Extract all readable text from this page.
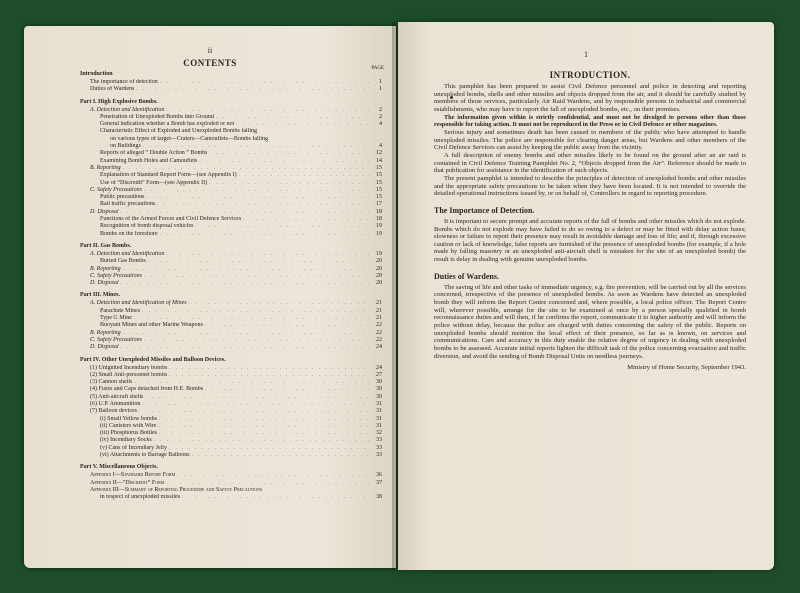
ii
CONTENTS
PAGE
Introduction
The importance of detection . . .	1
Duties of Wardens . . .	1
Part I. High Explosive Bombs.
A. Detection and Identification . . .	2
Penetration of Unexploded Bombs into Ground . . .	2
General indication whether a Bomb has exploded or not . . .	4
Characteristic Effect of Exploded and Unexploded Bombs falling
on various types of target—Craters—Camouflets—Bombs falling
on Buildings . . .	4
Reports of alleged “ Double Action ” Bombs . . .	12
Examining Bomb Holes and Camouflets . . .	14
B. Reporting . . .	15
Explanation of Standard Report Form—(see Appendix I) . . .	15
Use of “Discredit” Form—(see Appendix II) . . .	15
C. Safety Precautions . . .	15
Public precautions . . .	15
Rail traffic precautions . . .	17
D. Disposal . . .	18
Functions of the Armed Forces and Civil Defence Services . . .	18
Recognition of bomb disposal vehicles . . .	19
Bombs on the foreshore . . .	19
Part II. Gas Bombs.
A. Detection and Identification . . .	19
Buried Gas Bombs . . .	20
B. Reporting . . .	20
C. Safety Precautions . . .	20
D. Disposal . . .	20
Part III. Mines.
A. Detection and Identification of Mines . . .	21
Parachute Mines . . .	21
Type G Mine . . .	21
Buoyant Mines and other Marine Weapons . . .	22
B. Reporting . . .	22
C. Safety Precautions . . .	22
D. Disposal . . .	24
Part IV. Other Unexploded Missiles and Balloon Devices.
(1) Unignited Incendiary bombs . . .	24
(2) Small Anti-personnel bombs . . .	27
(3) Cannon shells . . .	30
(4) Fuzes and Caps detached from H.E. Bombs . . .	30
(5) Anti-aircraft shells . . .	30
(6) U.P. Ammunition . . .	31
(7) Balloon devices . . .	31
(i) Small Yellow bombs . . .	31
(ii) Canisters with Wire . . .	31
(iii) Phosphorus Bottles . . .	32
(iv) Incendiary Socks . . .	33
(v) Cans of Incendiary Jelly . . .	33
(vi) Attachments to Barrage Balloons . . .	33
Part V. Miscellaneous Objects.
Appendix I—Standard Report Form . . .	36
Appendix II—“Discredit” Form . . .	37
Appendix III—Summary of Reporting Procedure and Safety Precautions
in respect of unexploded missiles . . .	38
1
INTRODUCTION.

This pamphlet has been prepared to assist Civil Defence personnel and police in detecting and reporting unexploded bombs, shells and other missiles and objects dropped from the air, and it should be carefully studied by members of those services, particularly Air Raid Wardens, and by responsible persons in industrial and commercial establishments, who may have to report the fall of unexploded bombs, etc., on their premises.

The information given within is strictly confidential, and must not be divulged to persons other than those responsible for taking action. It must not be reproduced in the Press or in Civil Defence or other magazines.

Serious injury and sometimes death has been caused to members of the public who have attempted to handle unexploded missiles. The police are responsible for clearing danger areas, but Wardens and other members of the Civil Defence Services can assist by keeping the public away from the vicinity.

A full description of enemy bombs and other missiles likely to be found on the ground after an air raid is contained in Civil Defence Training Pamphlet No. 2, “Objects dropped from the Air”. Reference should be made to that publication for assistance in the identification of such objects.

The present pamphlet is intended to describe the principles of detection of unexploded bombs and other missiles and the appropriate safety precautions to be taken when they have been located. It is not intended to override the detailed operational instructions issued by, or on behalf of, Controllers in regard to reporting procedure.

The Importance of Detection.

It is important to secure prompt and accurate reports of the fall of bombs and other missiles which do not explode. Bombs which do not explode may have failed to do so owing to a defect or may be fitted with delay action fuzes; slowness or failure to report their presence may result in avoidable damage and loss of life; and if, through excessive caution or lack of knowledge, false reports are furnished of the presence of unexploded bombs (for example, if a hole made by falling masonry or an unexploded anti-aircraft shell is mistaken for the site of an unexploded bomb) the result is delay in dealing with genuine unexploded bombs.

Duties of Wardens.

The saving of life and other tasks of immediate urgency, e.g. fire prevention, will be carried out by all the services concerned, irrespective of the presence of unexploded bombs. As soon as Wardens have detected an unexploded bomb they will inform the Report Centre concerned and, where possible, a local police officer. The Report Centre will, wherever possible, arrange for the site to be examined at once by a person specially qualified in bomb reconnaissance duties and will then, if he confirms the report, communicate it to higher authority and will inform the police without delay, because the police are charged with duties concerning the safety of the public. Reports on unexploded bombs should mention the local effect of their presence, so far as is known, on services and communications. Care and accuracy in this duty enable the relative degree of urgency in dealing with unexploded bombs to be assessed. Accurate initial reports lighten the difficult task of the police concerning evacuation and traffic diversion, and avoid the sending of Bomb Disposal Units on needless journeys.

Ministry of Home Security, September 1943.
